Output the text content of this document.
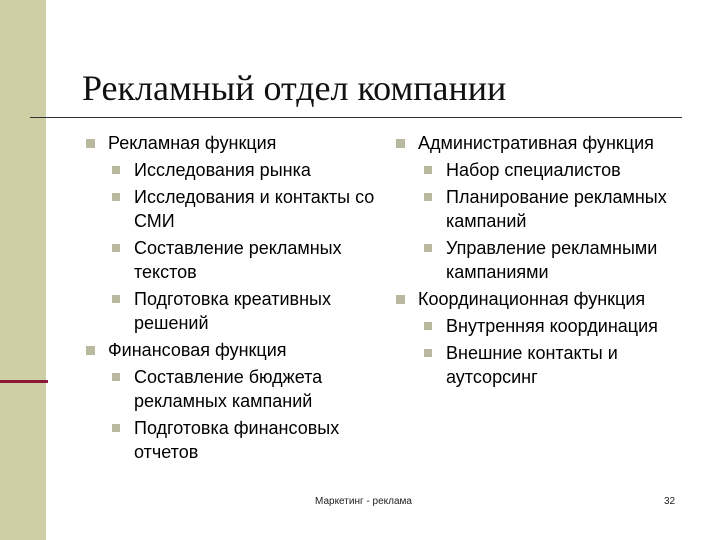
Рекламный отдел компании
Рекламная функция
Исследования рынка
Исследования и контакты со СМИ
Составление рекламных текстов
Подготовка креативных решений
Финансовая функция
Составление бюджета рекламных кампаний
Подготовка финансовых отчетов
Административная функция
Набор специалистов
Планирование рекламных кампаний
Управление рекламными кампаниями
Координационная функция
Внутренняя координация
Внешние контакты и аутсорсинг
Маркетинг - реклама	32
